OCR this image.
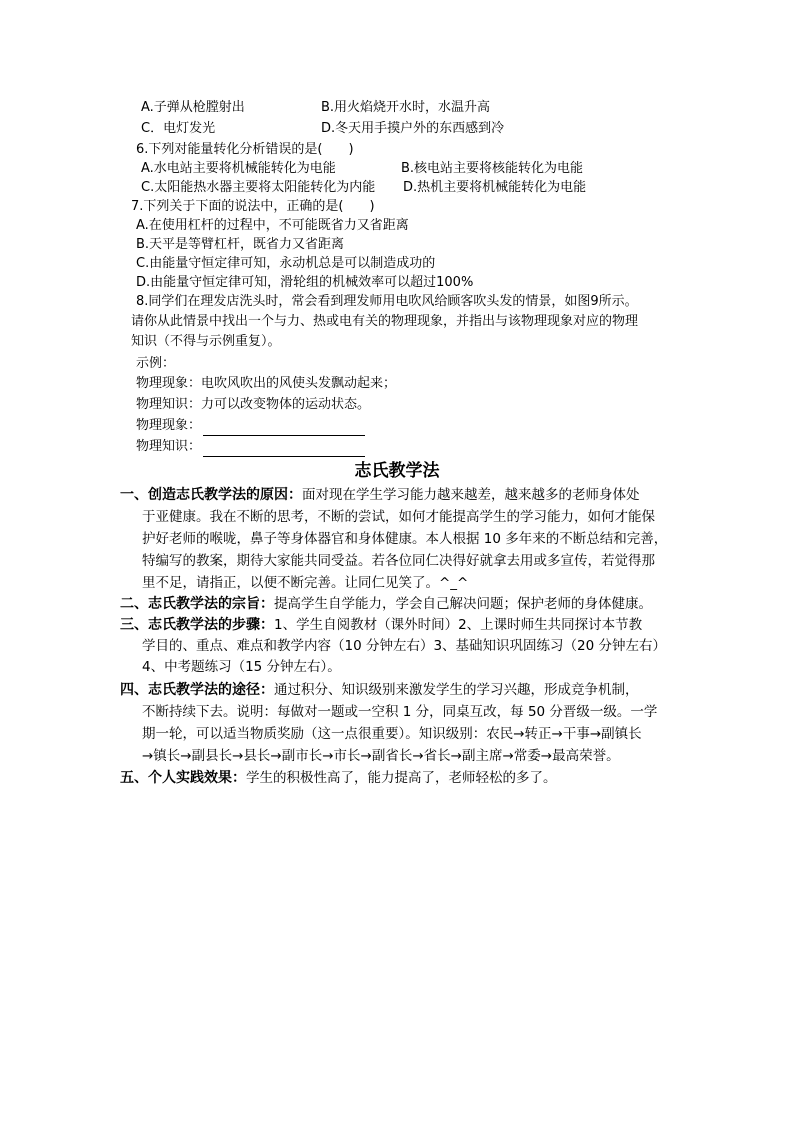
A.子弹从枪膛射出	B.用火焰烧开水时，水温升高
C．电灯发光	D.冬天用手摸户外的东西感到冷
6.下列对能量转化分析错误的是(　　)
A.水电站主要将机械能转化为电能	B.核电站主要将核能转化为电能
C.太阳能热水器主要将太阳能转化为内能 D.热机主要将机械能转化为电能
7.下列关于下面的说法中，正确的是(　　)
A.在使用杠杆的过程中，不可能既省力又省距离
B.天平是等臂杠杆，既省力又省距离
C.由能量守恒定律可知，永动机总是可以制造成功的
D.由能量守恒定律可知，滑轮组的机械效率可以超过100%
8.同学们在理发店洗头时，常会看到理发师用电吹风给顾客吹头发的情景，如图9所示。
请你从此情景中找出一个与力、热或电有关的物理现象，并指出与该物理现象对应的物理
知识（不得与示例重复）。
示例：
物理现象：电吹风吹出的风使头发飘动起来；
物理知识：力可以改变物体的运动状态。
物理现象：
物理知识：
志氏教学法
一、创造志氏教学法的原因：面对现在学生学习能力越来越差，越来越多的老师身体处
于亚健康。我在不断的思考，不断的尝试，如何才能提高学生的学习能力，如何才能保
护好老师的喉咙，鼻子等身体器官和身体健康。本人根据 10 多年来的不断总结和完善，
特编写的教案，期待大家能共同受益。若各位同仁决得好就拿去用或多宣传，若觉得那
里不足，请指正，以便不断完善。让同仁见笑了。^_^
二、志氏教学法的宗旨：提高学生自学能力，学会自己解决问题；保护老师的身体健康。
三、志氏教学法的步骤：1、学生自阅教材（课外时间）2、上课时师生共同探讨本节教
学目的、重点、难点和教学内容（10 分钟左右）3、基础知识巩固练习（20 分钟左右）
4、中考题练习（15 分钟左右）。
四、志氏教学法的途径：通过积分、知识级别来激发学生的学习兴趣，形成竞争机制，
不断持续下去。说明：每做对一题或一空积 1 分，同桌互改，每 50 分晋级一级。一学
期一轮，可以适当物质奖励（这一点很重要）。知识级别：农民→转正→干事→副镇长
→镇长→副县长→县长→副市长→市长→副省长→省长→副主席→常委→最高荣誉。
五、个人实践效果：学生的积极性高了，能力提高了，老师轻松的多了。
